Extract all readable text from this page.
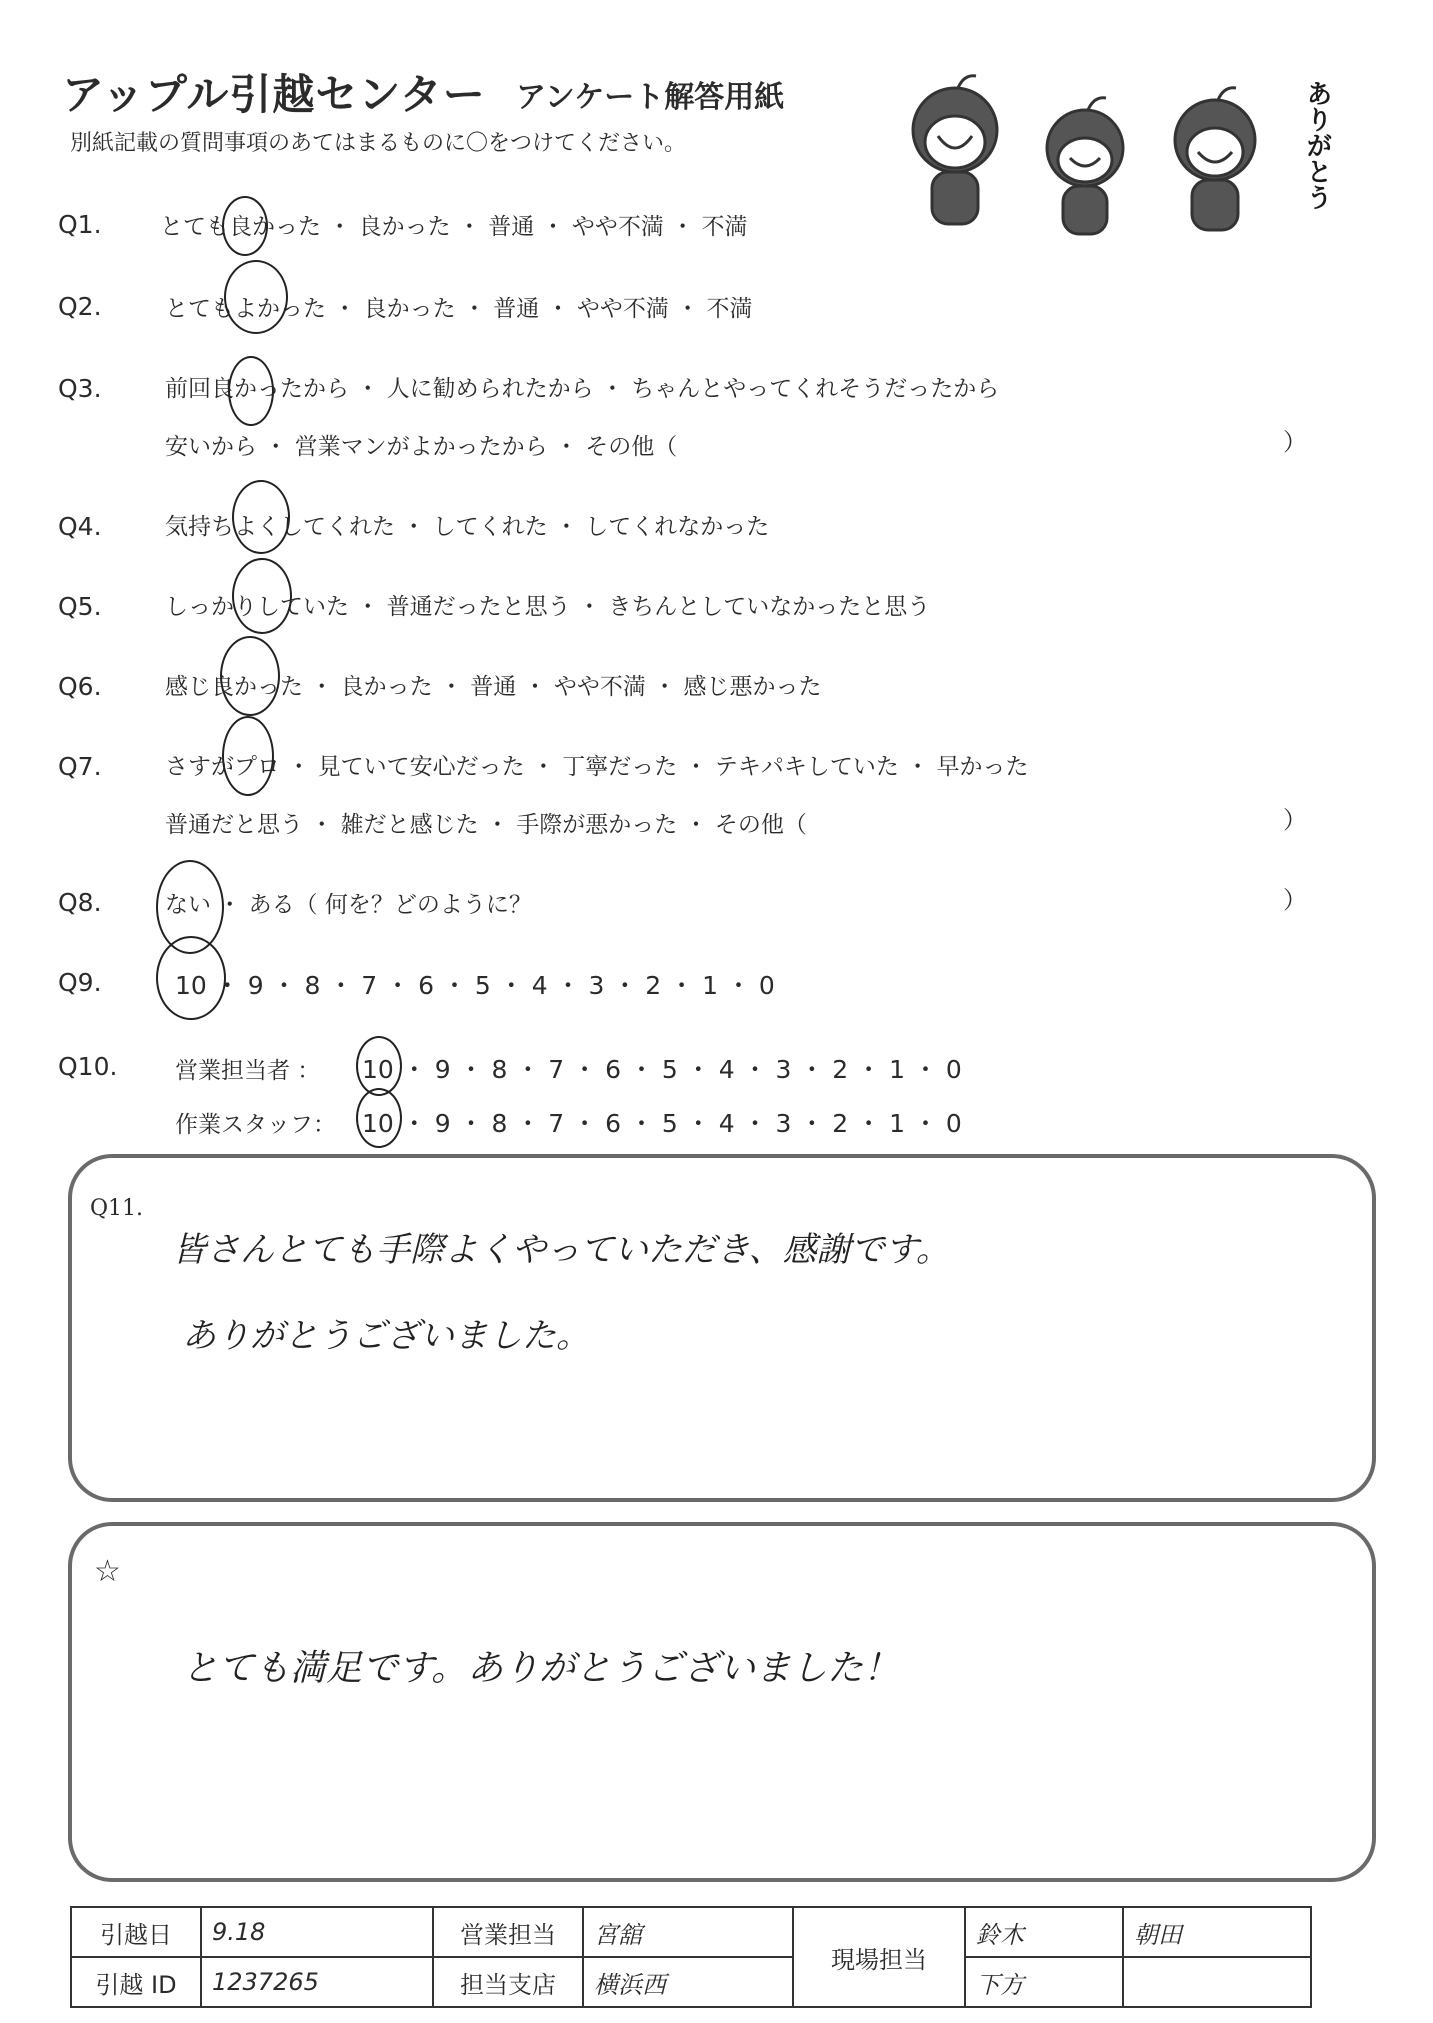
アップル引越センター アンケート解答用紙
別紙記載の質問事項のあてはまるものに〇をつけてください。	ありがとう
Q1.	とても良かった ・ 良かった ・ 普通 ・ やや不満 ・ 不満
Q2.	とてもよかった ・ 良かった ・ 普通 ・ やや不満 ・ 不満
Q3.	前回良かったから ・ 人に勧められたから ・ ちゃんとやってくれそうだったから
安いから ・ 営業マンがよかったから ・ その他（	）
Q4.	気持ちよくしてくれた ・ してくれた ・ してくれなかった
Q5.	しっかりしていた ・ 普通だったと思う ・ きちんとしていなかったと思う
Q6.	感じ良かった ・ 良かった ・ 普通 ・ やや不満 ・ 感じ悪かった
Q7.	さすがプロ ・ 見ていて安心だった ・ 丁寧だった ・ テキパキしていた ・ 早かった
普通だと思う ・ 雑だと感じた ・ 手際が悪かった ・ その他（	）
Q8.	ない ・ ある（ 何を？どのように？	）
Q9.	10 ・ 9 ・ 8 ・ 7 ・ 6 ・ 5 ・ 4 ・ 3 ・ 2 ・ 1 ・ 0
Q10.	営業担当者 ： 10 ・ 9 ・ 8 ・ 7 ・ 6 ・ 5 ・ 4 ・ 3 ・ 2 ・ 1 ・ 0
作業スタッフ： 10 ・ 9 ・ 8 ・ 7 ・ 6 ・ 5 ・ 4 ・ 3 ・ 2 ・ 1 ・ 0
Q11.
皆さんとても手際よくやっていただき、感謝です。
ありがとうございました。
☆
とても満足です。ありがとうございました！
引越日	9.18	営業担当	宮舘	現場担当	鈴木	朝田
引越 ID	1237265	担当支店	横浜西		下方	
